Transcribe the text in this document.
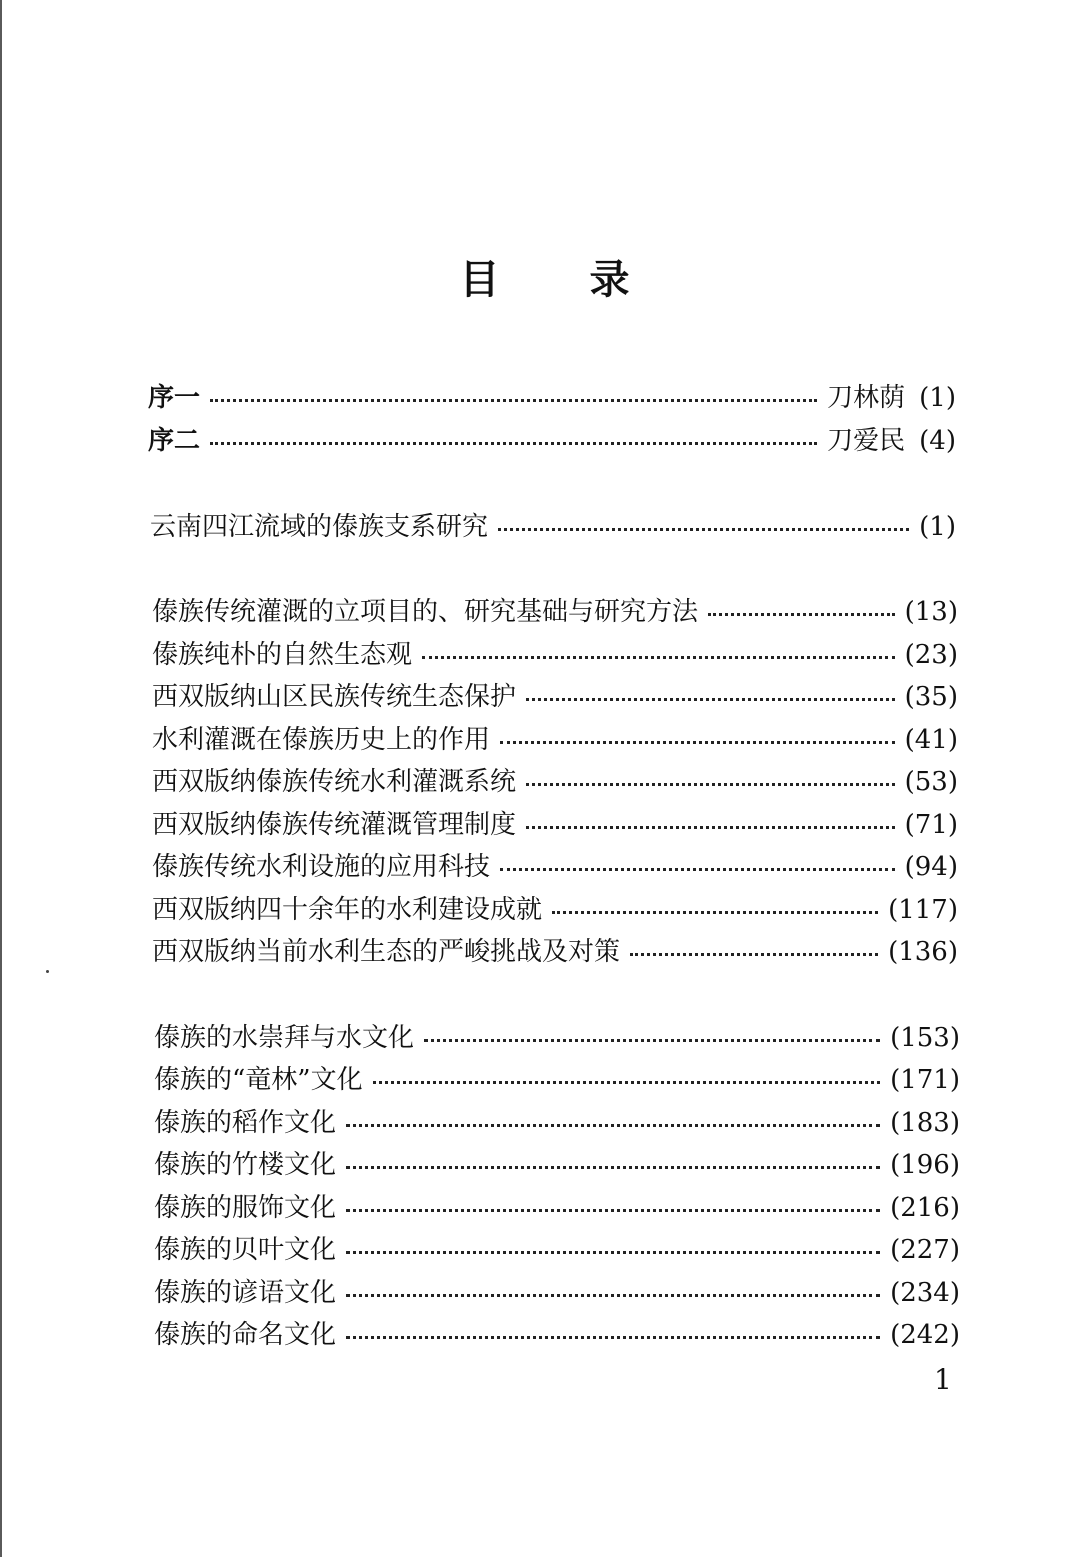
目 录
序一	刀林荫 (1)
序二	刀爱民 (4)
云南四江流域的傣族支系研究	(1)
傣族传统灌溉的立项目的、研究基础与研究方法	(13)
傣族纯朴的自然生态观	(23)
西双版纳山区民族传统生态保护	(35)
水利灌溉在傣族历史上的作用	(41)
西双版纳傣族传统水利灌溉系统	(53)
西双版纳傣族传统灌溉管理制度	(71)
傣族传统水利设施的应用科技	(94)
西双版纳四十余年的水利建设成就	(117)
西双版纳当前水利生态的严峻挑战及对策	(136)
傣族的水崇拜与水文化	(153)
傣族的“竜林”文化	(171)
傣族的稻作文化	(183)
傣族的竹楼文化	(196)
傣族的服饰文化	(216)
傣族的贝叶文化	(227)
傣族的谚语文化	(234)
傣族的命名文化	(242)
1
